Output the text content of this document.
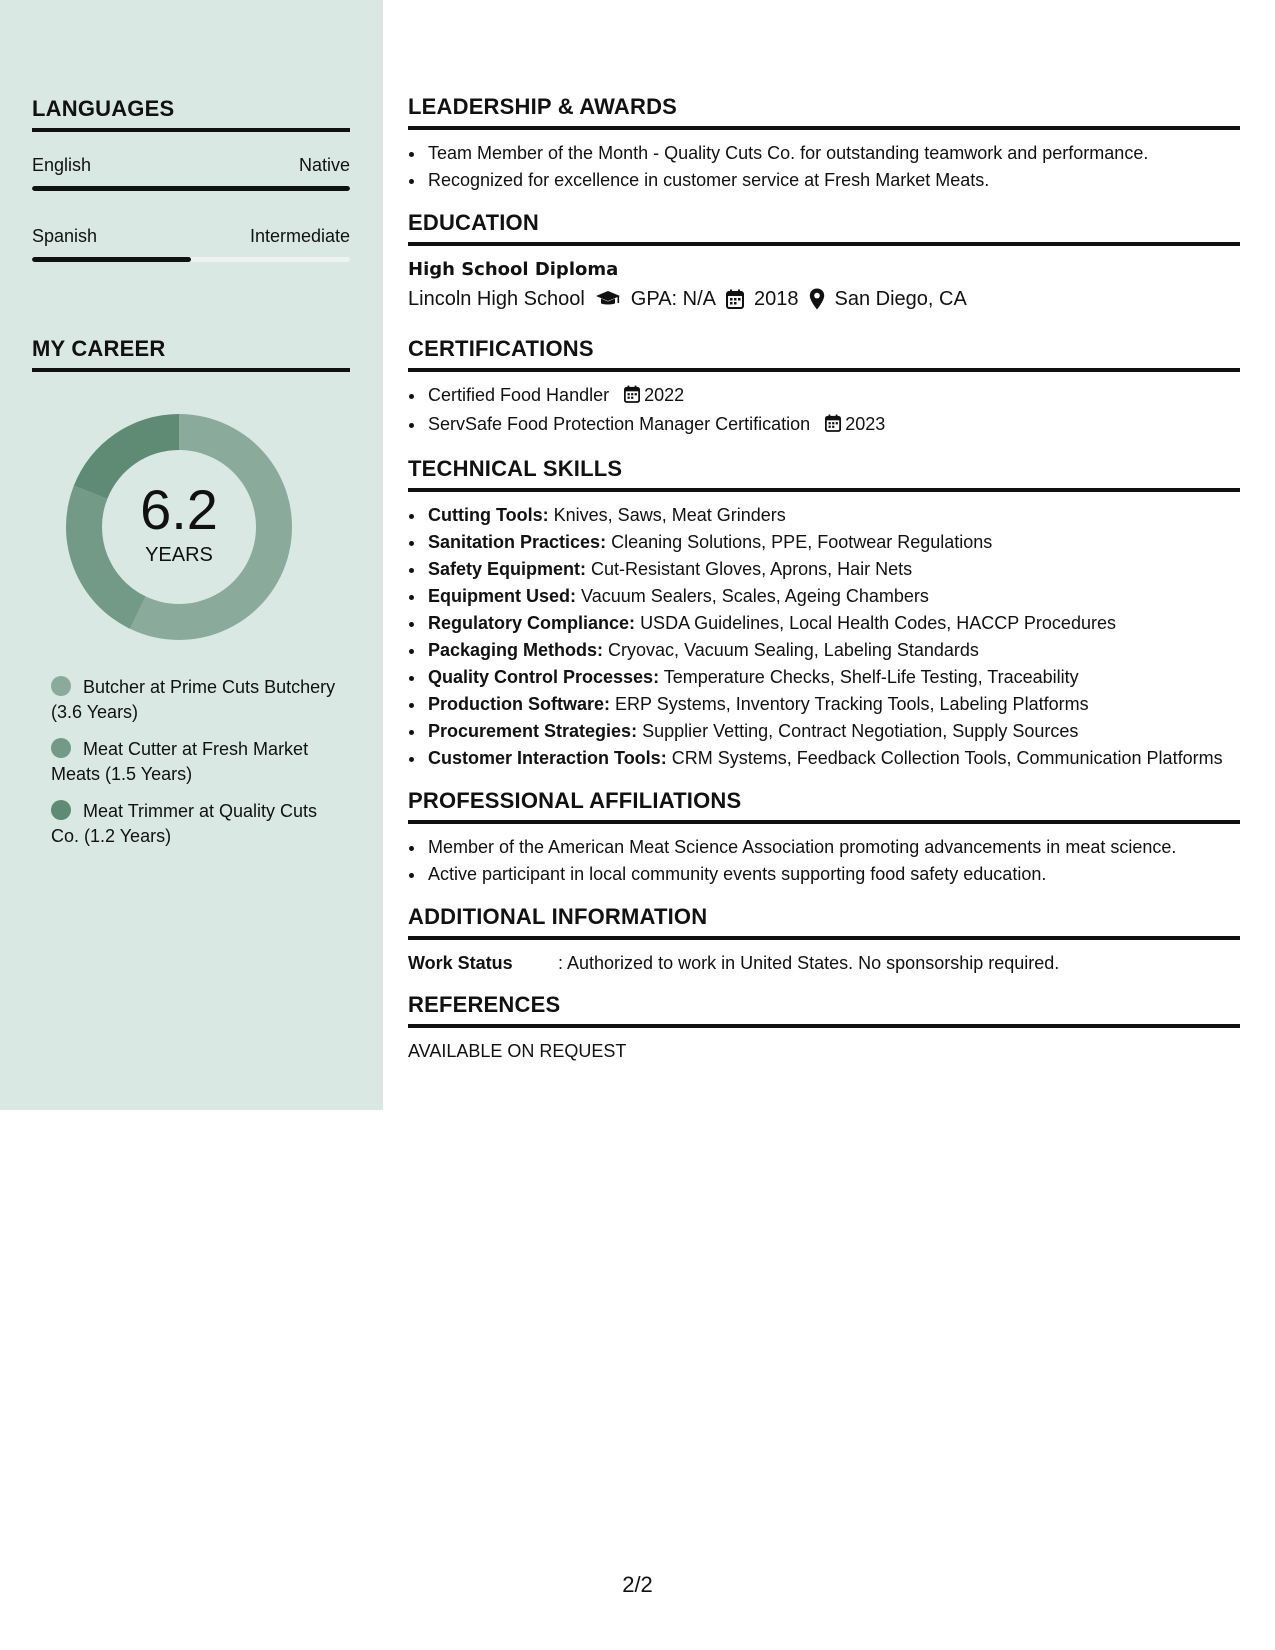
LANGUAGES
English	Native
Spanish	Intermediate
MY CAREER
6.2
YEARS
Butcher at Prime Cuts Butchery (3.6 Years)
Meat Cutter at Fresh Market Meats (1.5 Years)
Meat Trimmer at Quality Cuts Co. (1.2 Years)
LEADERSHIP & AWARDS
• Team Member of the Month - Quality Cuts Co. for outstanding teamwork and performance.
• Recognized for excellence in customer service at Fresh Market Meats.
EDUCATION
High School Diploma
Lincoln High School GPA: N/A 2018 San Diego, CA
CERTIFICATIONS
• Certified Food Handler 2022
• ServSafe Food Protection Manager Certification 2023
TECHNICAL SKILLS
• Cutting Tools: Knives, Saws, Meat Grinders
• Sanitation Practices: Cleaning Solutions, PPE, Footwear Regulations
• Safety Equipment: Cut-Resistant Gloves, Aprons, Hair Nets
• Equipment Used: Vacuum Sealers, Scales, Ageing Chambers
• Regulatory Compliance: USDA Guidelines, Local Health Codes, HACCP Procedures
• Packaging Methods: Cryovac, Vacuum Sealing, Labeling Standards
• Quality Control Processes: Temperature Checks, Shelf-Life Testing, Traceability
• Production Software: ERP Systems, Inventory Tracking Tools, Labeling Platforms
• Procurement Strategies: Supplier Vetting, Contract Negotiation, Supply Sources
• Customer Interaction Tools: CRM Systems, Feedback Collection Tools, Communication Platforms
PROFESSIONAL AFFILIATIONS
• Member of the American Meat Science Association promoting advancements in meat science.
• Active participant in local community events supporting food safety education.
ADDITIONAL INFORMATION
Work Status	: Authorized to work in United States. No sponsorship required.
REFERENCES
AVAILABLE ON REQUEST
2/2
